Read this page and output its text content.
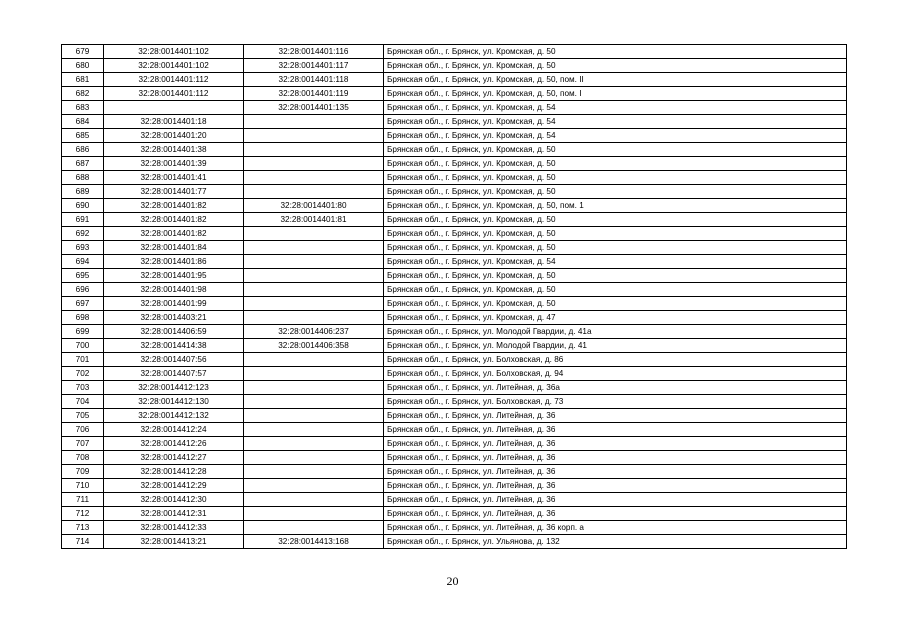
679	32:28:0014401:102	32:28:0014401:116	Брянская обл., г. Брянск, ул. Кромская, д. 50
680	32:28:0014401:102	32:28:0014401:117	Брянская обл., г. Брянск, ул. Кромская, д. 50
681	32:28:0014401:112	32:28:0014401:118	Брянская обл., г. Брянск, ул. Кромская, д. 50, пом. II
682	32:28:0014401:112	32:28:0014401:119	Брянская обл., г. Брянск, ул. Кромская, д. 50, пом. I
683		32:28:0014401:135	Брянская обл., г. Брянск, ул. Кромская, д. 54
684	32:28:0014401:18		Брянская обл., г. Брянск, ул. Кромская, д. 54
685	32:28:0014401:20		Брянская обл., г. Брянск, ул. Кромская, д. 54
686	32:28:0014401:38		Брянская обл., г. Брянск, ул. Кромская, д. 50
687	32:28:0014401:39		Брянская обл., г. Брянск, ул. Кромская, д. 50
688	32:28:0014401:41		Брянская обл., г. Брянск, ул. Кромская, д. 50
689	32:28:0014401:77		Брянская обл., г. Брянск, ул. Кромская, д. 50
690	32:28:0014401:82	32:28:0014401:80	Брянская обл., г. Брянск, ул. Кромская, д. 50, пом. 1
691	32:28:0014401:82	32:28:0014401:81	Брянская обл., г. Брянск, ул. Кромская, д. 50
692	32:28:0014401:82		Брянская обл., г. Брянск, ул. Кромская, д. 50
693	32:28:0014401:84		Брянская обл., г. Брянск, ул. Кромская, д. 50
694	32:28:0014401:86		Брянская обл., г. Брянск, ул. Кромская, д. 54
695	32:28:0014401:95		Брянская обл., г. Брянск, ул. Кромская, д. 50
696	32:28:0014401:98		Брянская обл., г. Брянск, ул. Кромская, д. 50
697	32:28:0014401:99		Брянская обл., г. Брянск, ул. Кромская, д. 50
698	32:28:0014403:21		Брянская обл., г. Брянск, ул. Кромская, д. 47
699	32:28:0014406:59	32:28:0014406:237	Брянская обл., г. Брянск, ул. Молодой Гвардии, д. 41а
700	32:28:0014414:38	32:28:0014406:358	Брянская обл., г. Брянск, ул. Молодой Гвардии, д. 41
701	32:28:0014407:56		Брянская обл., г. Брянск, ул. Болховская, д. 86
702	32:28:0014407:57		Брянская обл., г. Брянск, ул. Болховская, д. 94
703	32:28:0014412:123		Брянская обл., г. Брянск, ул. Литейная, д. 36а
704	32:28:0014412:130		Брянская обл., г. Брянск, ул. Болховская, д. 73
705	32:28:0014412:132		Брянская обл., г. Брянск, ул. Литейная, д. 36
706	32:28:0014412:24		Брянская обл., г. Брянск, ул. Литейная, д. 36
707	32:28:0014412:26		Брянская обл., г. Брянск, ул. Литейная, д. 36
708	32:28:0014412:27		Брянская обл., г. Брянск, ул. Литейная, д. 36
709	32:28:0014412:28		Брянская обл., г. Брянск, ул. Литейная, д. 36
710	32:28:0014412:29		Брянская обл., г. Брянск, ул. Литейная, д. 36
711	32:28:0014412:30		Брянская обл., г. Брянск, ул. Литейная, д. 36
712	32:28:0014412:31		Брянская обл., г. Брянск, ул. Литейная, д. 36
713	32:28:0014412:33		Брянская обл., г. Брянск, ул. Литейная, д. 36 корп. а
714	32:28:0014413:21	32:28:0014413:168	Брянская обл., г. Брянск, ул. Ульянова, д. 132
20
